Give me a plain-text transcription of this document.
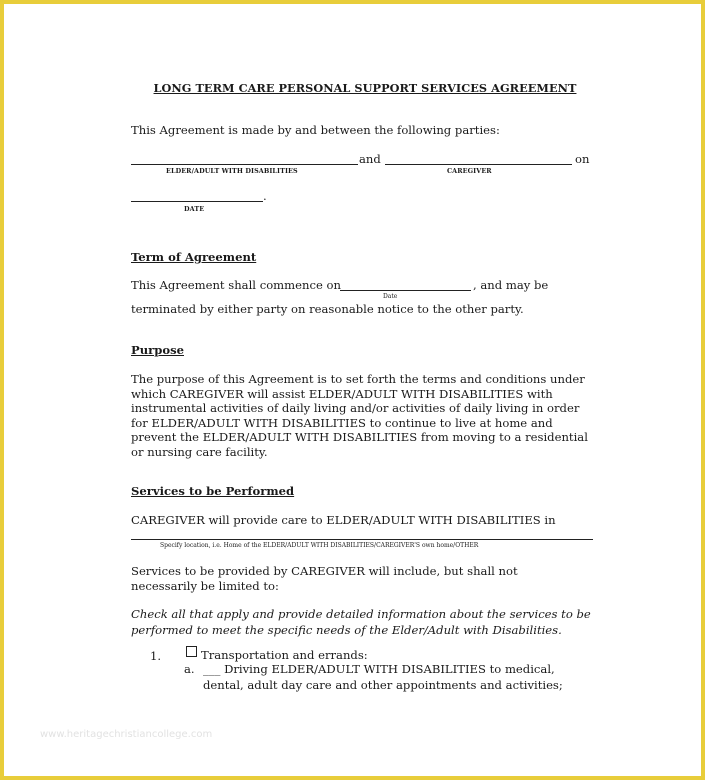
LONG TERM CARE PERSONAL SUPPORT SERVICES AGREEMENT
This Agreement is made by and between the following parties:
and	on
ELDER/ADULT WITH DISABILITIES	CAREGIVER
.
DATE
Term of Agreement
This Agreement shall commence on	, and may be
Date
terminated by either party on reasonable notice to the other party.
Purpose
The purpose of this Agreement is to set forth the terms and conditions under
which CAREGIVER will assist ELDER/ADULT WITH DISABILITIES with
instrumental activities of daily living and/or activities of daily living in order
for ELDER/ADULT WITH DISABILITIES to continue to live at home and
prevent the ELDER/ADULT WITH DISABILITIES from moving to a residential
or nursing care facility.
Services to be Performed
CAREGIVER will provide care to ELDER/ADULT WITH DISABILITIES in
Specify location, i.e. Home of the ELDER/ADULT WITH DISABILITIES/CAREGIVER'S own home/OTHER
Services to be provided by CAREGIVER will include, but shall not
necessarily be limited to:
Check all that apply and provide detailed information about the services to be
performed to meet the specific needs of the Elder/Adult with Disabilities.
1.	Transportation and errands:
a. ___ Driving ELDER/ADULT WITH DISABILITIES to medical,
dental, adult day care and other appointments and activities;
www.heritagechristiancollege.com
